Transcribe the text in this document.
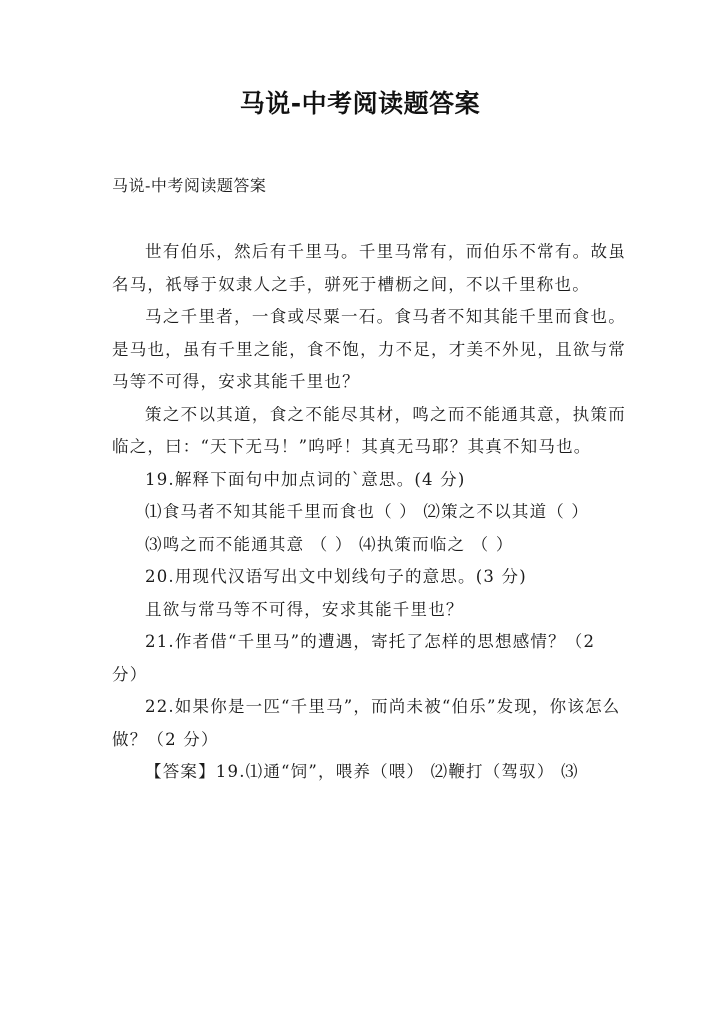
马说-中考阅读题答案
马说-中考阅读题答案

世有伯乐，然后有千里马。千里马常有，而伯乐不常有。故虽　名马，祇辱于奴隶人之手，骈死于槽枥之间，不以千里称也。

马之千里者，一食或尽粟一石。食马者不知其能千里而食也。是马也，虽有千里之能，食不饱，力不足，才美不外见，且欲与常马等不可得，安求其能千里也？

策之不以其道，食之不能尽其材，鸣之而不能通其意，执策而临之，曰：“天下无马！”呜呼！其真无马耶？其真不知马也。

19.解释下面句中加点词的`意思。(4 分)

⑴食马者不知其能千里而食也（ ） ⑵策之不以其道（ ）

⑶鸣之而不能通其意 （ ） ⑷执策而临之 （ ）

20.用现代汉语写出文中划线句子的意思。(3 分)

且欲与常马等不可得，安求其能千里也？

21.作者借“千里马”的遭遇，寄托了怎样的思想感情？（2 分）

22.如果你是一匹“千里马”，而尚未被“伯乐”发现，你该怎么做？（2 分）

【答案】19.⑴通“饲”，喂养（喂） ⑵鞭打（驾驭） ⑶
